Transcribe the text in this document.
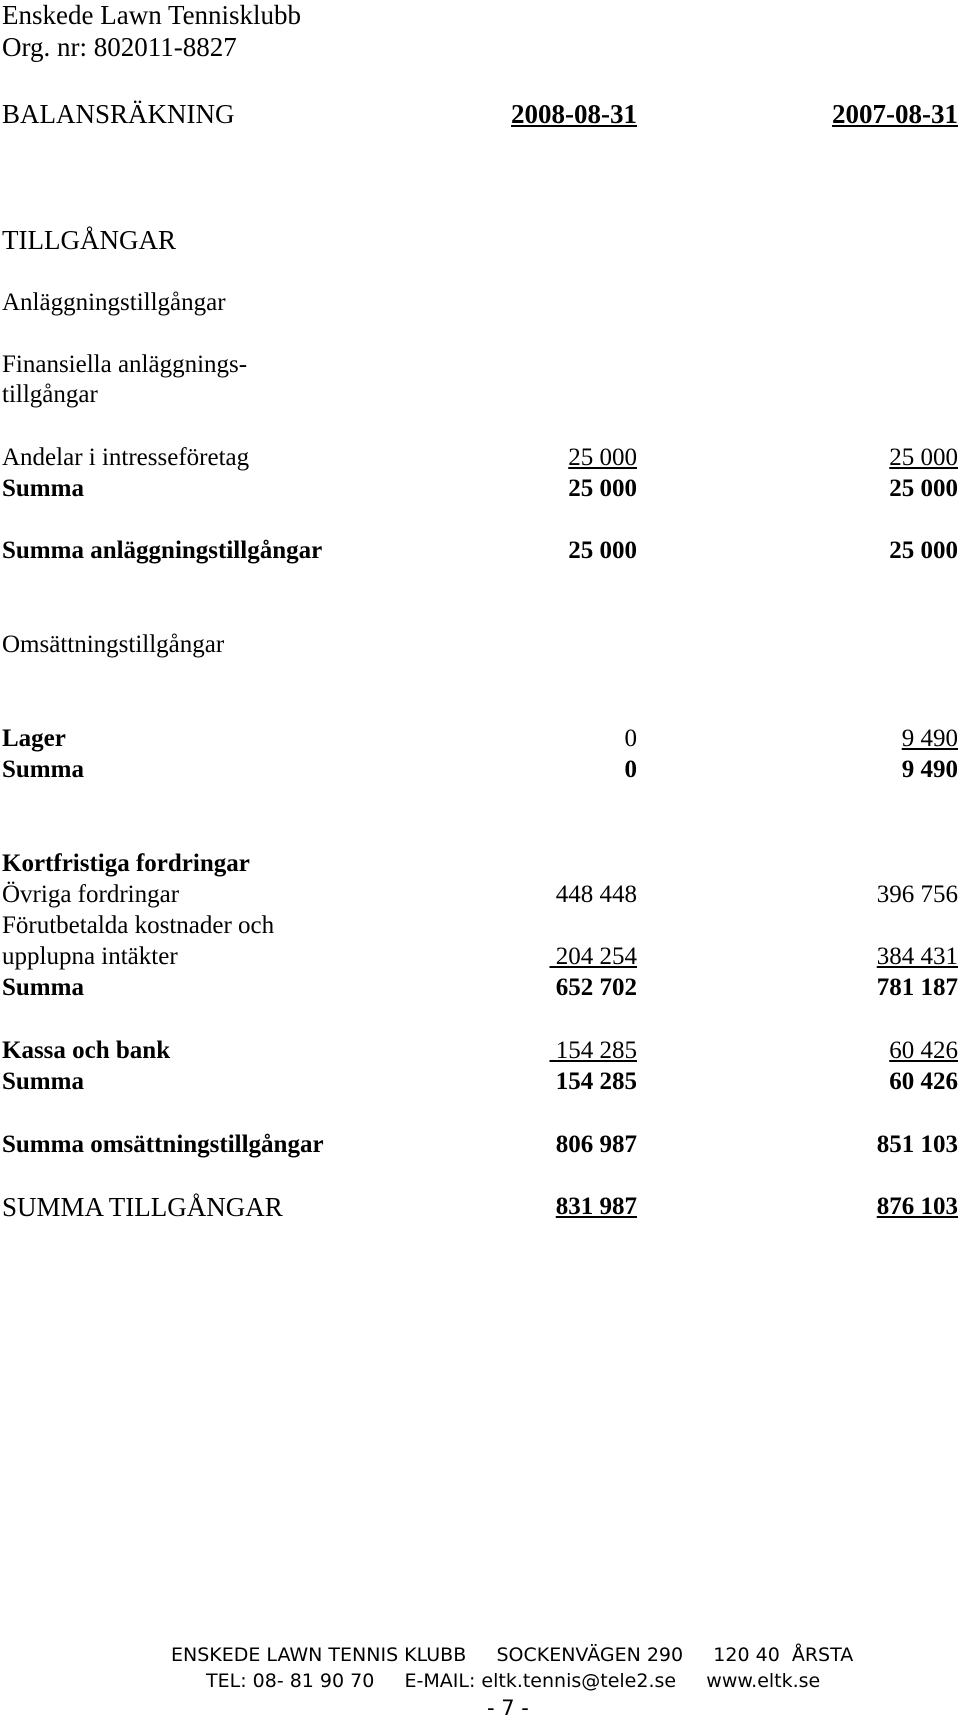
Enskede Lawn Tennisklubb
Org. nr: 802011-8827
BALANSRÄKNING	2008-08-31	2007-08-31
TILLGÅNGAR
Anläggningstillgångar
Finansiella anläggnings-
tillgångar
Andelar i intresseföretag	25 000	25 000
Summa	25 000	25 000
Summa anläggningstillgångar	25 000	25 000
Omsättningstillgångar
Lager	0	9 490
Summa	0	9 490
Kortfristiga fordringar
Övriga fordringar	448 448	396 756
Förutbetalda kostnader och
upplupna intäkter	204 254	384 431
Summa	652 702	781 187
Kassa och bank	154 285	60 426
Summa	154 285	60 426
Summa omsättningstillgångar	806 987	851 103
SUMMA TILLGÅNGAR	831 987	876 103
ENSKEDE LAWN TENNIS KLUBB     SOCKENVÄGEN 290     120 40  ÅRSTA
TEL: 08- 81 90 70     E-MAIL: eltk.tennis@tele2.se     www.eltk.se
- 7 -
